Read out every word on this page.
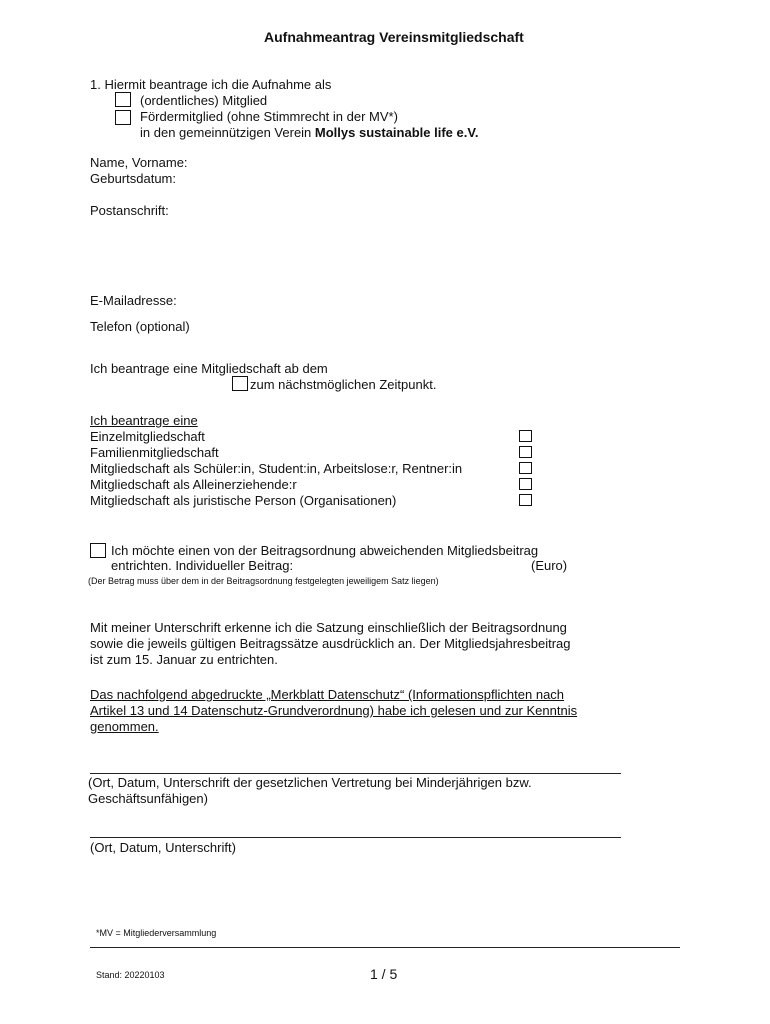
Aufnahmeantrag Vereinsmitgliedschaft
1. Hiermit beantrage ich die Aufnahme als
(ordentliches) Mitglied
Fördermitglied (ohne Stimmrecht in der MV*)
in den gemeinnützigen Verein Mollys sustainable life e.V.
Name, Vorname:
Geburtsdatum:
Postanschrift:
E-Mailadresse:
Telefon (optional)
Ich beantrage eine Mitgliedschaft ab dem
zum nächstmöglichen Zeitpunkt.
Ich beantrage eine
Einzelmitgliedschaft
Familienmitgliedschaft
Mitgliedschaft als Schüler:in, Student:in, Arbeitslose:r, Rentner:in
Mitgliedschaft als Alleinerziehende:r
Mitgliedschaft als juristische Person (Organisationen)
Ich möchte einen von der Beitragsordnung abweichenden Mitgliedsbeitrag
entrichten. Individueller Beitrag:	(Euro)
(Der Betrag muss über dem in der Beitragsordnung festgelegten jeweiligem Satz liegen)
Mit meiner Unterschrift erkenne ich die Satzung einschließlich der Beitragsordnung
sowie die jeweils gültigen Beitragssätze ausdrücklich an. Der Mitgliedsjahresbeitrag
ist zum 15. Januar zu entrichten.
Das nachfolgend abgedruckte „Merkblatt Datenschutz“ (Informationspflichten nach
Artikel 13 und 14 Datenschutz-Grundverordnung) habe ich gelesen und zur Kenntnis
genommen.
(Ort, Datum, Unterschrift der gesetzlichen Vertretung bei Minderjährigen bzw.
Geschäftsunfähigen)
(Ort, Datum, Unterschrift)
*MV = Mitgliederversammlung
Stand: 20220103	1 / 5
